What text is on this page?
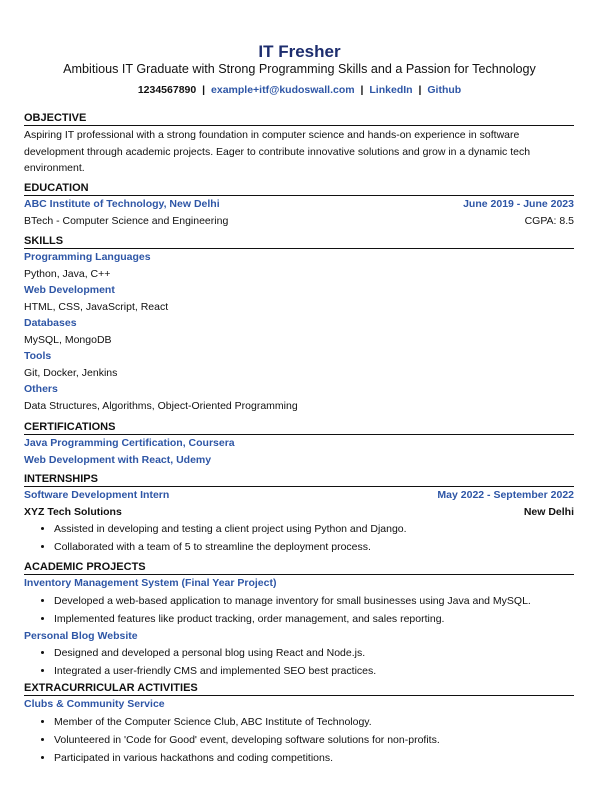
IT Fresher
Ambitious IT Graduate with Strong Programming Skills and a Passion for Technology
1234567890 | example+itf@kudoswall.com | LinkedIn | Github
OBJECTIVE
Aspiring IT professional with a strong foundation in computer science and hands-on experience in software development through academic projects. Eager to contribute innovative solutions and grow in a dynamic tech environment.
EDUCATION
ABC Institute of Technology, New Delhi	June 2019 - June 2023
BTech - Computer Science and Engineering	CGPA: 8.5
SKILLS
Programming Languages
Python, Java, C++
Web Development
HTML, CSS, JavaScript, React
Databases
MySQL, MongoDB
Tools
Git, Docker, Jenkins
Others
Data Structures, Algorithms, Object-Oriented Programming
CERTIFICATIONS
Java Programming Certification, Coursera
Web Development with React, Udemy
INTERNSHIPS
Software Development Intern	May 2022 - September 2022
XYZ Tech Solutions	New Delhi
• Assisted in developing and testing a client project using Python and Django.
• Collaborated with a team of 5 to streamline the deployment process.
ACADEMIC PROJECTS
Inventory Management System (Final Year Project)
• Developed a web-based application to manage inventory for small businesses using Java and MySQL.
• Implemented features like product tracking, order management, and sales reporting.
Personal Blog Website
• Designed and developed a personal blog using React and Node.js.
• Integrated a user-friendly CMS and implemented SEO best practices.
EXTRACURRICULAR ACTIVITIES
Clubs & Community Service
• Member of the Computer Science Club, ABC Institute of Technology.
• Volunteered in 'Code for Good' event, developing software solutions for non-profits.
• Participated in various hackathons and coding competitions.
